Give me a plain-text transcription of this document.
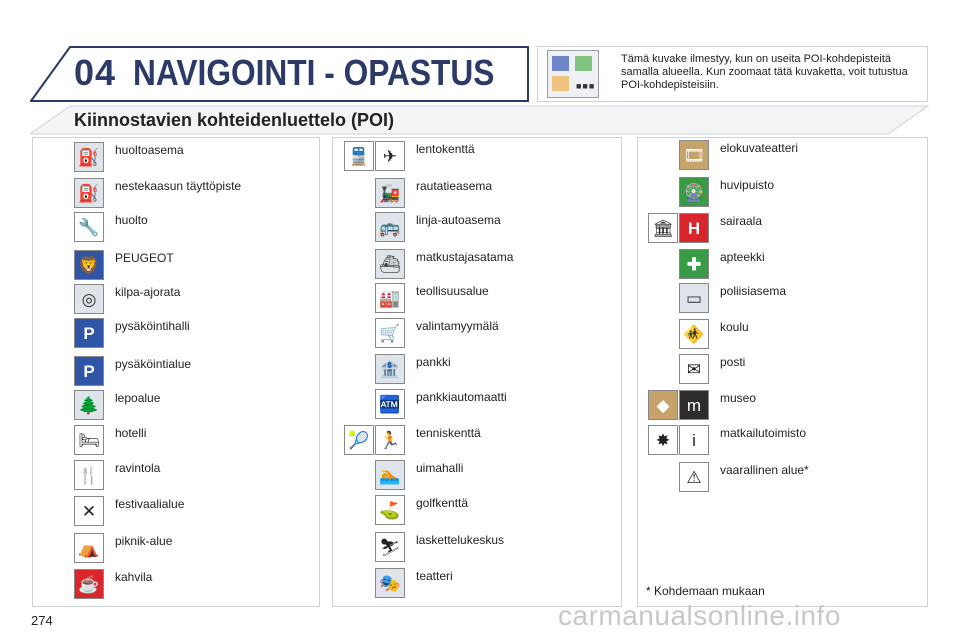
04 NAVIGOINTI - OPASTUS	■■■
Tämä kuvake ilmestyy, kun on useita POI-kohdepisteitä samalla alueella. Kun zoomaat tätä kuvaketta, voit tutustua POI-kohdepisteisiin.
Kiinnostavien kohteidenluettelo (POI)
⛽	huoltoasema
⛽	nestekaasun täyttöpiste
🔧	huolto
🦁	PEUGEOT
◎	kilpa-ajorata
P	pysäköintihalli
P	pysäköintialue
🌲	lepoalue
🛏	hotelli
🍴	ravintola
✕	festivaalialue
⛺	piknik-alue
☕	kahvila
🚆 ✈	lentokenttä
🚂	rautatieasema
🚌	linja-autoasema
⛴	matkustajasatama
🏭	teollisuusalue
🛒	valintamyymälä
🏦	pankki
🏧	pankkiautomaatti
🎾 🏃	tenniskenttä
🏊	uimahalli
⛳	golfkenttä
⛷	laskettelukeskus
🎭	teatteri
🎞	elokuvateatteri
🎡	huvipuisto
🏛 H	sairaala
✚	apteekki
▭	poliisiasema
🚸	koulu
✉	posti
◆	m	museo
✸	i	matkailutoimisto
⚠	vaarallinen alue*
* Kohdemaan mukaan
274	carmanualsonline.info
